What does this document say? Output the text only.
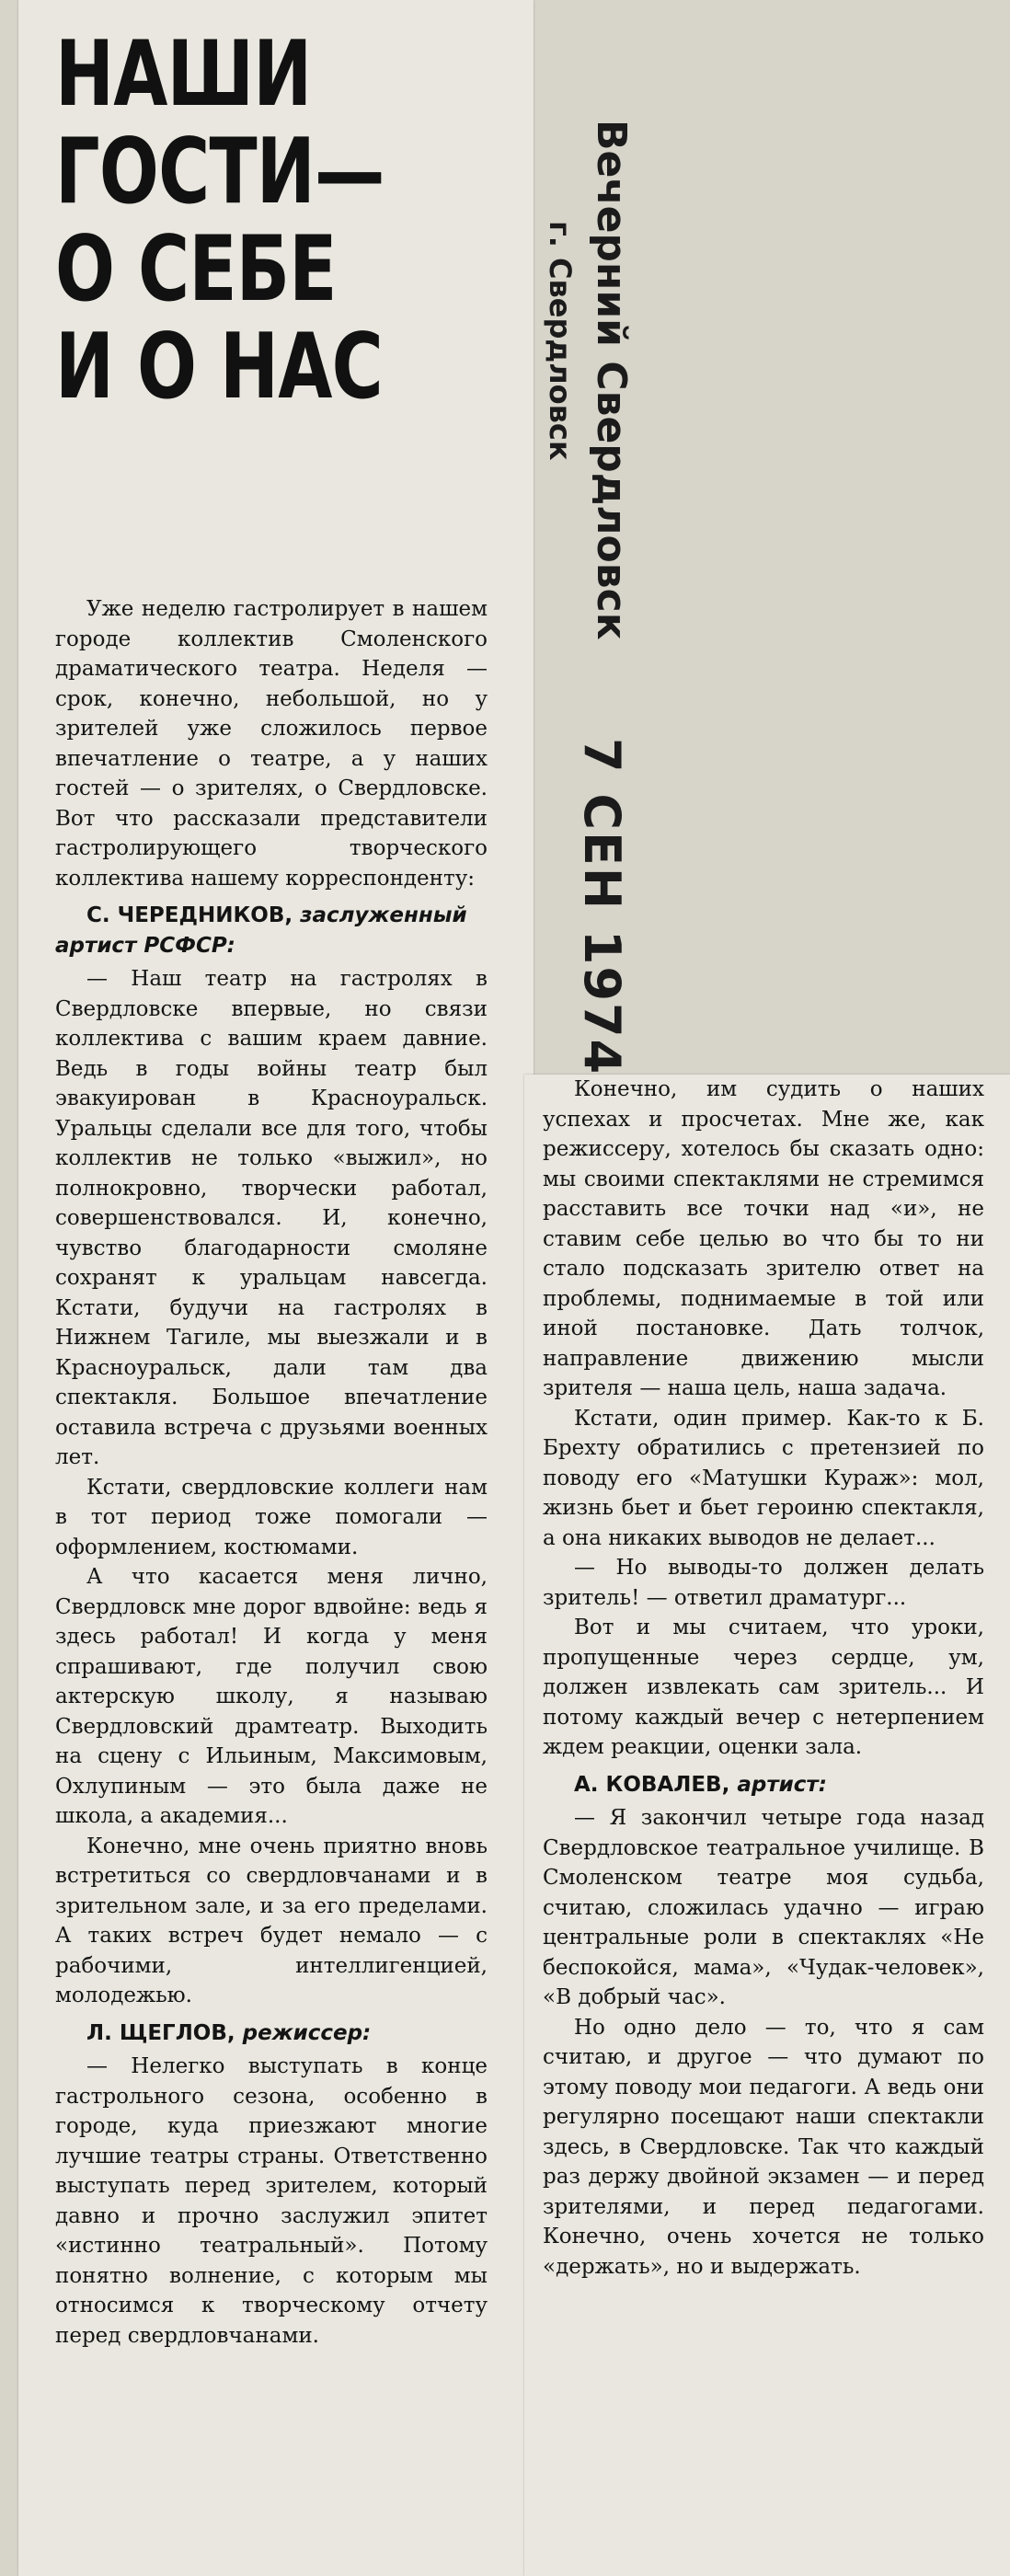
НАШИ
ГОСТИ—
О СЕБЕ
И О НАС	Вечерний Свердловск
г. Свердловск
7 СЕН 1974

Уже неделю гастролирует в нашем городе коллектив Смоленского драматического театра. Неделя — срок, конечно, небольшой, но у зрителей уже сложилось первое впечатление о театре, а у наших гостей — о зрителях, о Свердловске. Вот что рассказали представители гастролирующего творческого коллектива нашему корреспонденту:

С. ЧЕРЕДНИКОВ, заслуженный артист РСФСР:

— Наш театр на гастролях в Свердловске впервые, но связи коллектива с вашим краем давние. Ведь в годы войны театр был эвакуирован в Красноуральск. Уральцы сделали все для того, чтобы коллектив не только «выжил», но полнокровно, творчески работал, совершенствовался. И, конечно, чувство благодарности смоляне сохранят к уральцам навсегда. Кстати, будучи на гастролях в Нижнем Тагиле, мы выезжали и в Красноуральск, дали там два спектакля. Большое впечатление оставила встреча с друзьями военных лет.

Кстати, свердловские коллеги нам в тот период тоже помогали — оформлением, костюмами.

А что касается меня лично, Свердловск мне дорог вдвойне: ведь я здесь работал! И когда у меня спрашивают, где получил свою актерскую школу, я называю Свердловский драмтеатр. Выходить на сцену с Ильиным, Максимовым, Охлупиным — это была даже не школа, а академия...

Конечно, мне очень приятно вновь встретиться со свердловчанами и в зрительном зале, и за его пределами. А таких встреч будет немало — с рабочими, интеллигенцией, молодежью.

Л. ЩЕГЛОВ, режиссер:

— Нелегко выступать в конце гастрольного сезона, особенно в городе, куда приезжают многие лучшие театры страны. Ответственно выступать перед зрителем, который давно и прочно заслужил эпитет «истинно театральный». Потому понятно волнение, с которым мы относимся к творческому отчету перед свердловчанами.

Конечно, им судить о наших успехах и просчетах. Мне же, как режиссеру, хотелось бы сказать одно: мы своими спектаклями не стремимся расставить все точки над «и», не ставим себе целью во что бы то ни стало подсказать зрителю ответ на проблемы, поднимаемые в той или иной постановке. Дать толчок, направление движению мысли зрителя — наша цель, наша задача.

Кстати, один пример. Как-то к Б. Брехту обратились с претензией по поводу его «Матушки Кураж»: мол, жизнь бьет и бьет героиню спектакля, а она никаких выводов не делает...

— Но выводы-то должен делать зритель! — ответил драматург...

Вот и мы считаем, что уроки, пропущенные через сердце, ум, должен извлекать сам зритель... И потому каждый вечер с нетерпением ждем реакции, оценки зала.

А. КОВАЛЕВ, артист:

— Я закончил четыре года назад Свердловское театральное училище. В Смоленском театре моя судьба, считаю, сложилась удачно — играю центральные роли в спектаклях «Не беспокойся, мама», «Чудак-человек», «В добрый час».

Но одно дело — то, что я сам считаю, и другое — что думают по этому поводу мои педагоги. А ведь они регулярно посещают наши спектакли здесь, в Свердловске. Так что каждый раз держу двойной экзамен — и перед зрителями, и перед педагогами. Конечно, очень хочется не только «держать», но и выдержать.
